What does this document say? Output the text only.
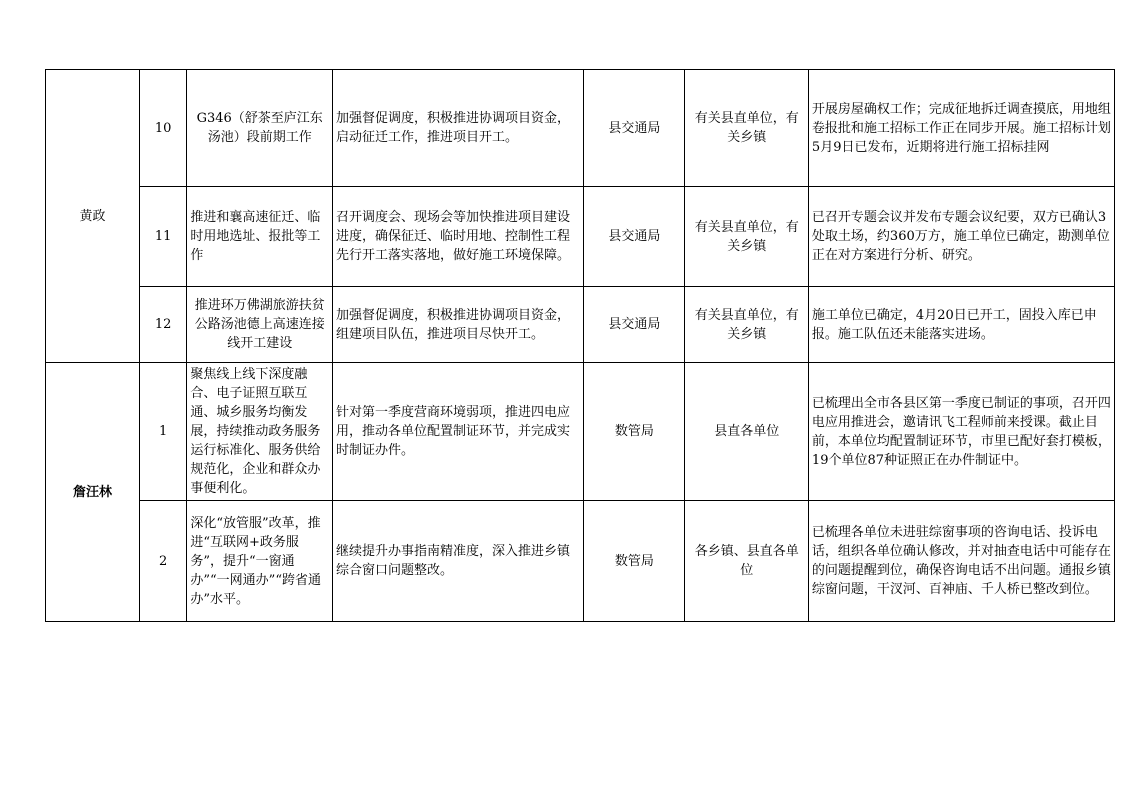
黄政	10	G346（舒茶至庐江东汤池）段前期工作	加强督促调度，积极推进协调项目资金，启动征迁工作，推进项目开工。	县交通局	有关县直单位，有关乡镇	开展房屋确权工作；完成征地拆迁调查摸底，用地组卷报批和施工招标工作正在同步开展。施工招标计划5月9日已发布，近期将进行施工招标挂网
	11	推进和襄高速征迁、临时用地选址、报批等工作	召开调度会、现场会等加快推进项目建设进度，确保征迁、临时用地、控制性工程先行开工落实落地，做好施工环境保障。	县交通局	有关县直单位，有关乡镇	已召开专题会议并发布专题会议纪要，双方已确认3处取土场，约360万方，施工单位已确定，勘测单位正在对方案进行分析、研究。
	12	推进环万佛湖旅游扶贫公路汤池德上高速连接线开工建设	加强督促调度，积极推进协调项目资金，组建项目队伍，推进项目尽快开工。	县交通局	有关县直单位，有关乡镇	施工单位已确定，4月20日已开工，固投入库已申报。施工队伍还未能落实进场。
詹汪林	1	聚焦线上线下深度融合、电子证照互联互通、城乡服务均衡发展，持续推动政务服务运行标准化、服务供给规范化，企业和群众办事便利化。	针对第一季度营商环境弱项，推进四电应用，推动各单位配置制证环节，并完成实时制证办件。	数管局	县直各单位	已梳理出全市各县区第一季度已制证的事项，召开四电应用推进会，邀请讯飞工程师前来授课。截止目前，本单位均配置制证环节，市里已配好套打模板，19个单位87种证照正在办件制证中。
	2	深化“放管服”改革，推进“互联网+政务服务”，提升“一窗通办”“一网通办”“跨省通办”水平。	继续提升办事指南精准度，深入推进乡镇综合窗口问题整改。	数管局	各乡镇、县直各单位	已梳理各单位未进驻综窗事项的咨询电话、投诉电话，组织各单位确认修改，并对抽查电话中可能存在的问题提醒到位，确保咨询电话不出问题。通报乡镇综窗问题，干汊河、百神庙、千人桥已整改到位。
